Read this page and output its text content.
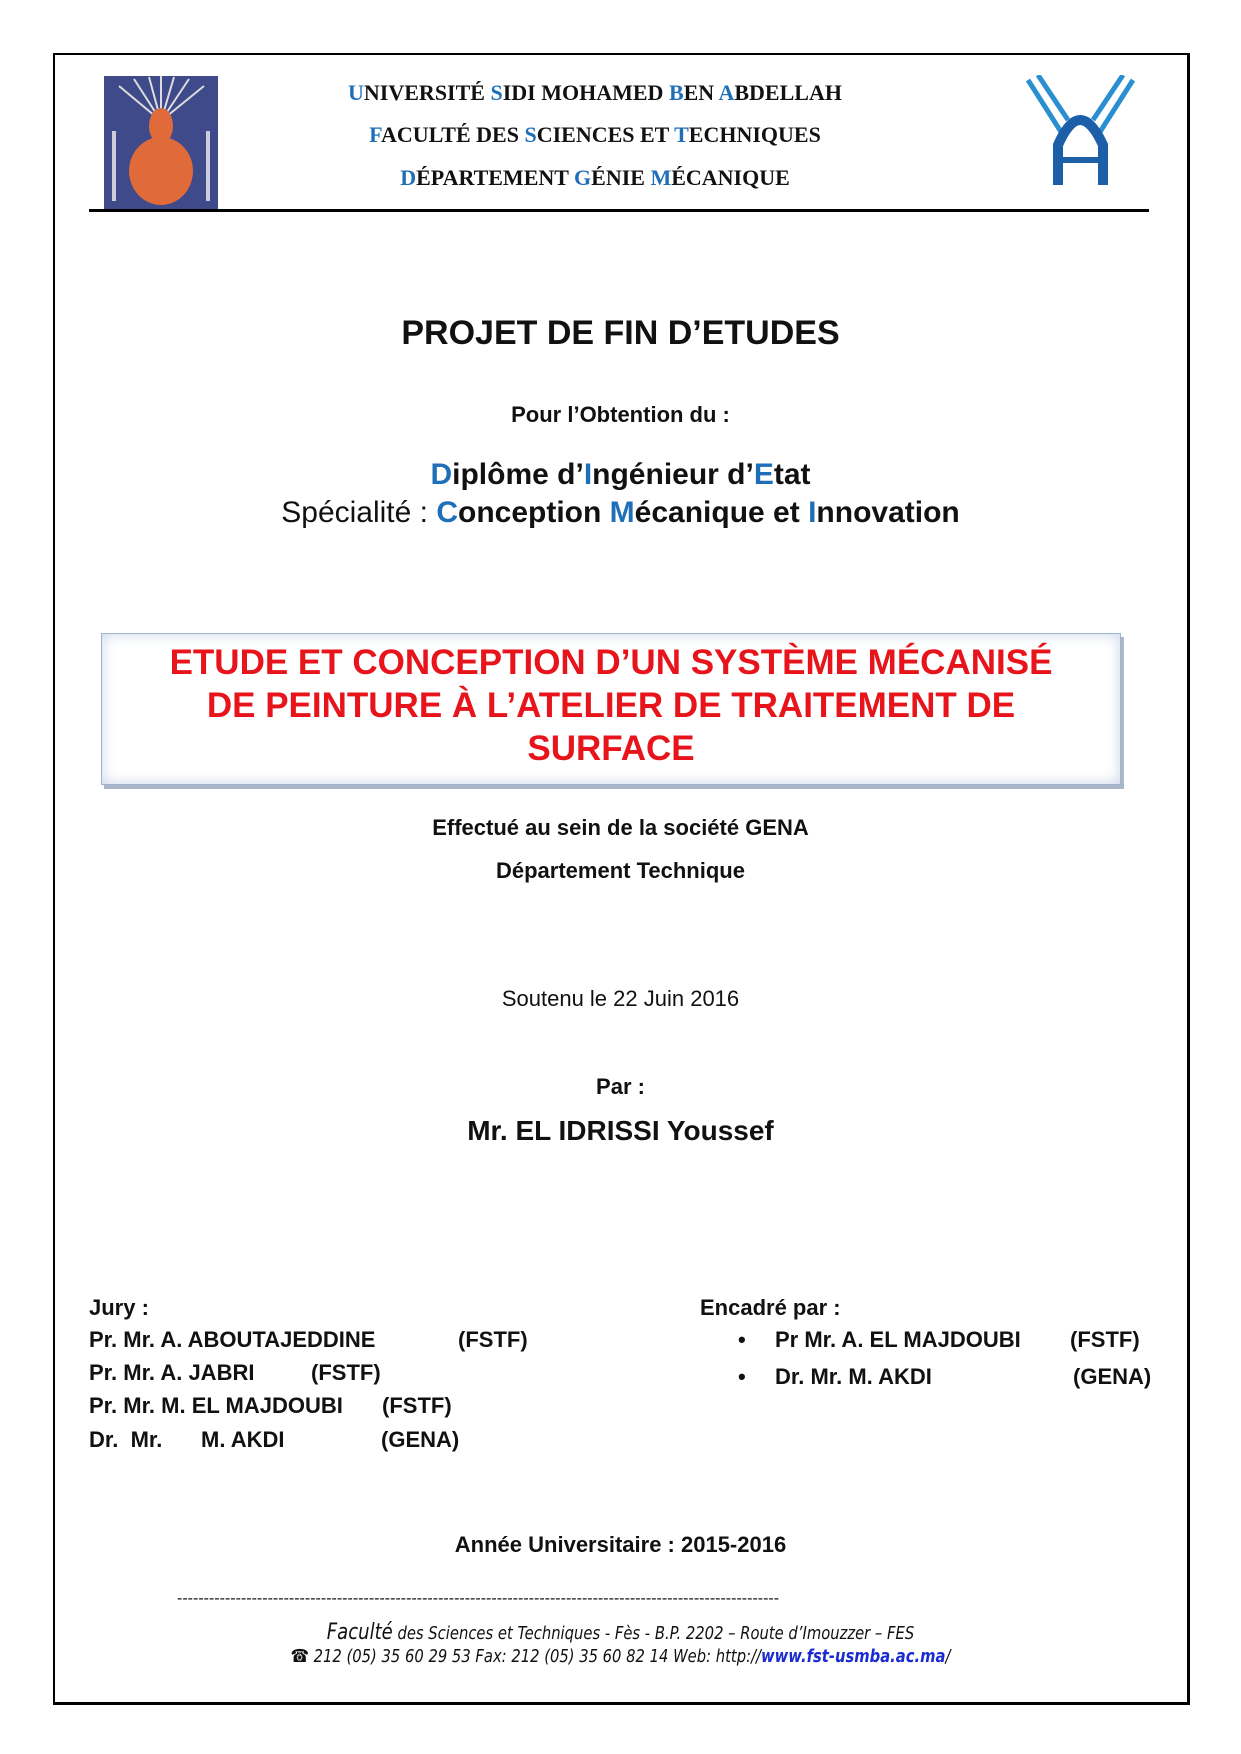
UNIVERSITÉ SIDI MOHAMED BEN ABDELLAH
FACULTÉ DES SCIENCES ET TECHNIQUES
DÉPARTEMENT GÉNIE MÉCANIQUE
PROJET DE FIN D’ETUDES
Pour l’Obtention du :
Diplôme d’Ingénieur d’Etat
Spécialité : Conception Mécanique et Innovation
ETUDE ET CONCEPTION D’UN SYSTÈME MÉCANISÉ
DE PEINTURE À L’ATELIER DE TRAITEMENT DE
SURFACE
Effectué au sein de la société GENA
Département Technique
Soutenu le 22 Juin 2016
Par :
Mr. EL IDRISSI Youssef
Jury :
Pr. Mr. A. ABOUTAJEDDINE	(FSTF)
Pr. Mr. A. JABRI	(FSTF)
Pr. Mr. M. EL MAJDOUBI (FSTF)
Dr.  Mr. M. AKDI	(GENA)
Encadré par :
• Pr Mr. A. EL MAJDOUBI (FSTF)
• Dr. Mr. M. AKDI	(GENA)
Année Universitaire : 2015-2016
-----------------------------------------------------------------------------------------------------------------
Faculté des Sciences et Techniques - Fès - B.P. 2202 – Route d’Imouzzer – FES
☎ 212 (05) 35 60 29 53 Fax: 212 (05) 35 60 82 14 Web: http://www.fst-usmba.ac.ma/
